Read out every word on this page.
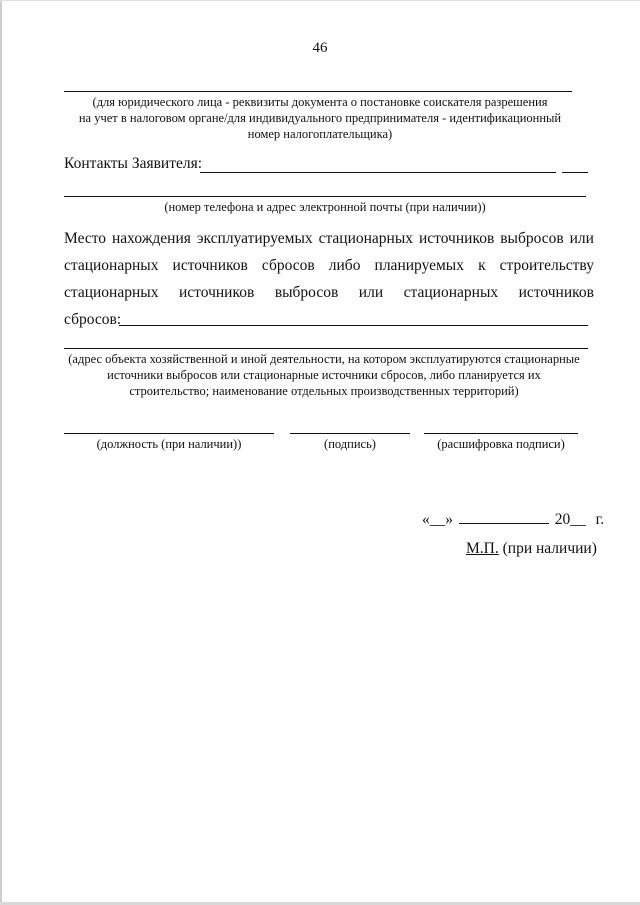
46
(для юридического лица - реквизиты документа о постановке соискателя разрешения
на учет в налоговом органе/для индивидуального предпринимателя - идентификационный
номер налогоплательщика)
Контакты Заявителя:
(номер телефона и адрес электронной почты (при наличии))
Место нахождения эксплуатируемых стационарных источников выбросов или
стационарных источников сбросов либо планируемых к строительству
стационарных источников выбросов или стационарных источников
сбросов:
(адрес объекта хозяйственной и иной деятельности, на котором эксплуатируются стационарные
источники выбросов или стационарные источники сбросов, либо планируется их
строительство; наименование отдельных производственных территорий)
(должность (при наличии))	(подпись)	(расшифровка подписи)
«__»	20__ г.
М.П. (при наличии)
